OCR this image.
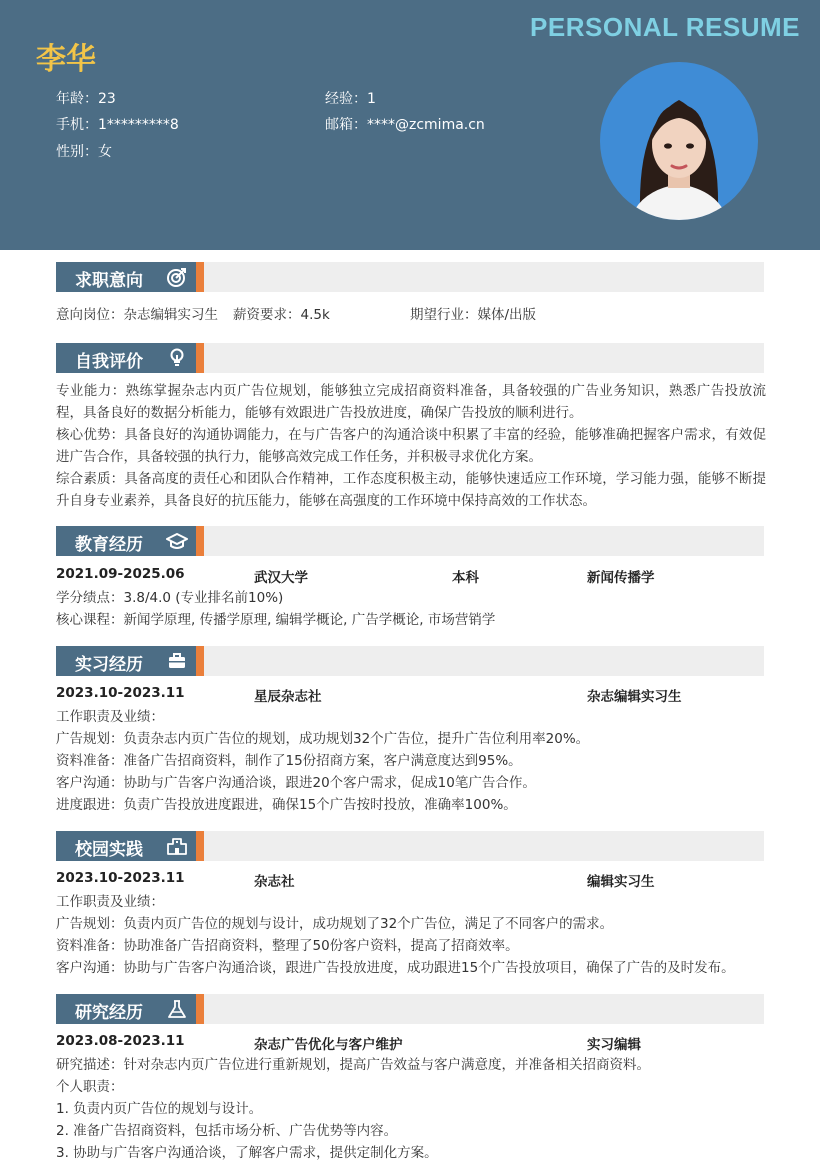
PERSONAL RESUME
李华
年龄：23	经验：1
手机：1*********8	邮箱：****@zcmima.cn
性别：女
求职意向
意向岗位：杂志编辑实习生 薪资要求：4.5k	期望行业：媒体/出版
自我评价
专业能力：熟练掌握杂志内页广告位规划，能够独立完成招商资料准备，具备较强的广告业务知识，熟悉广告投放流程，具备良好的数据分析能力，能够有效跟进广告投放进度，确保广告投放的顺利进行。
核心优势：具备良好的沟通协调能力，在与广告客户的沟通洽谈中积累了丰富的经验，能够准确把握客户需求，有效促进广告合作，具备较强的执行力，能够高效完成工作任务，并积极寻求优化方案。
综合素质：具备高度的责任心和团队合作精神，工作态度积极主动，能够快速适应工作环境，学习能力强，能够不断提升自身专业素养，具备良好的抗压能力，能够在高强度的工作环境中保持高效的工作状态。
教育经历
2021.09-2025.06	武汉大学	本科	新闻传播学
学分绩点：3.8/4.0 (专业排名前10%)
核心课程：新闻学原理, 传播学原理, 编辑学概论, 广告学概论, 市场营销学
实习经历
2023.10-2023.11	星辰杂志社	杂志编辑实习生
工作职责及业绩：
广告规划：负责杂志内页广告位的规划，成功规划32个广告位，提升广告位利用率20%。
资料准备：准备广告招商资料，制作了15份招商方案，客户满意度达到95%。
客户沟通：协助与广告客户沟通洽谈，跟进20个客户需求，促成10笔广告合作。
进度跟进：负责广告投放进度跟进，确保15个广告按时投放，准确率100%。
校园实践
2023.10-2023.11	杂志社	编辑实习生
工作职责及业绩：
广告规划：负责内页广告位的规划与设计，成功规划了32个广告位，满足了不同客户的需求。
资料准备：协助准备广告招商资料，整理了50份客户资料，提高了招商效率。
客户沟通：协助与广告客户沟通洽谈，跟进广告投放进度，成功跟进15个广告投放项目，确保了广告的及时发布。
研究经历
2023.08-2023.11	杂志广告优化与客户维护	实习编辑
研究描述：针对杂志内页广告位进行重新规划，提高广告效益与客户满意度，并准备相关招商资料。
个人职责：
1. 负责内页广告位的规划与设计。
2. 准备广告招商资料，包括市场分析、广告优势等内容。
3. 协助与广告客户沟通洽谈，了解客户需求，提供定制化方案。
